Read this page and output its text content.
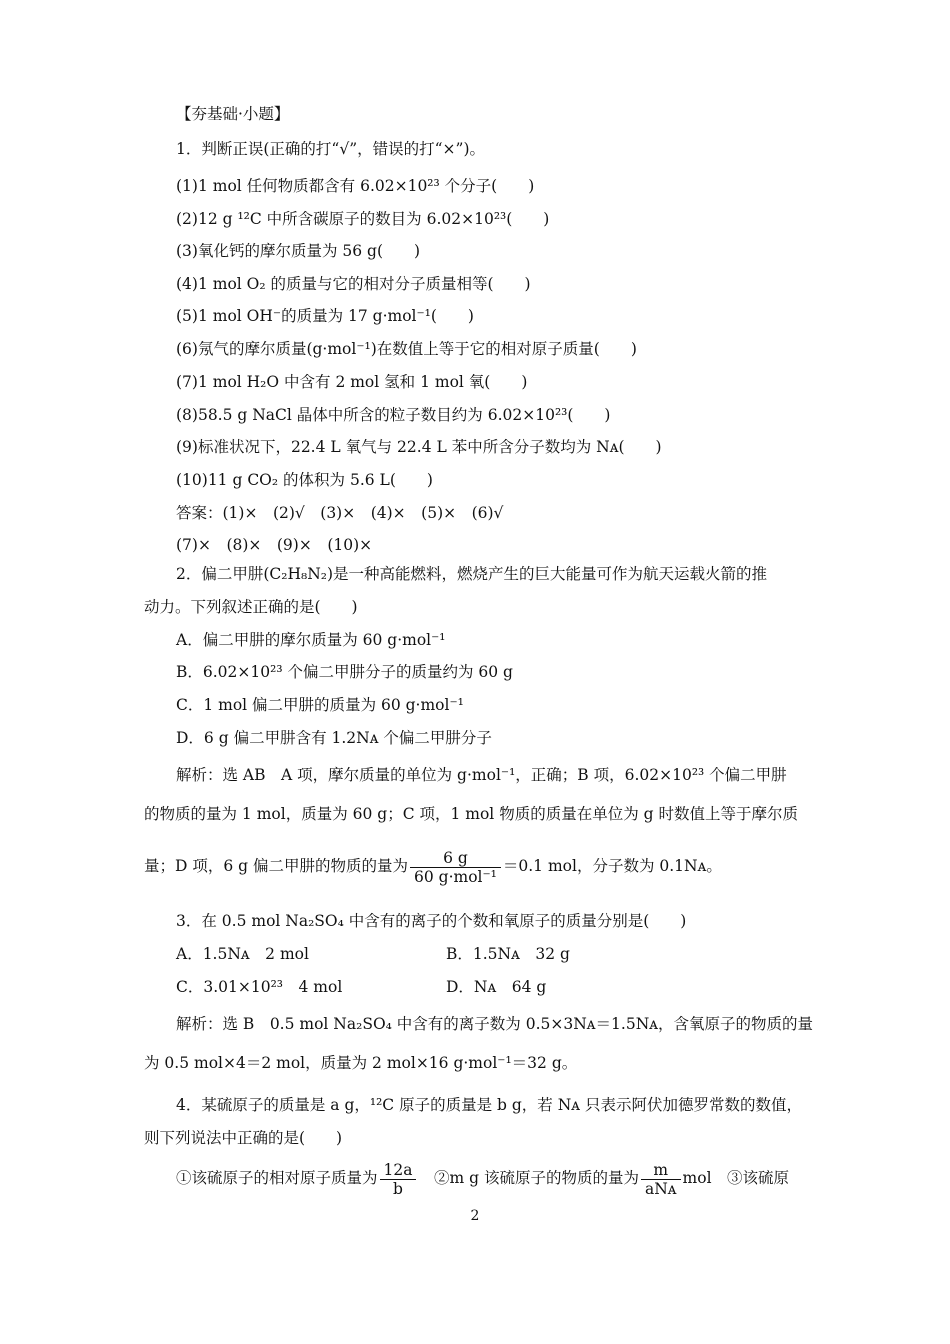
【夯基础·小题】
1．判断正误(正确的打“√”，错误的打“×”)。
(1)1 mol 任何物质都含有 6.02×10²³ 个分子(　　)
(2)12 g ¹²C 中所含碳原子的数目为 6.02×10²³(　　)
(3)氧化钙的摩尔质量为 56 g(　　)
(4)1 mol O₂ 的质量与它的相对分子质量相等(　　)
(5)1 mol OH⁻的质量为 17 g·mol⁻¹(　　)
(6)氖气的摩尔质量(g·mol⁻¹)在数值上等于它的相对原子质量(　　)
(7)1 mol H₂O 中含有 2 mol 氢和 1 mol 氧(　　)
(8)58.5 g NaCl 晶体中所含的粒子数目约为 6.02×10²³(　　)
(9)标准状况下，22.4 L 氧气与 22.4 L 苯中所含分子数均为 Nᴀ(　　)
(10)11 g CO₂ 的体积为 5.6 L(　　)
答案：(1)×　(2)√　(3)×　(4)×　(5)×　(6)√
(7)×　(8)×　(9)×　(10)×
2．偏二甲肼(C₂H₈N₂)是一种高能燃料，燃烧产生的巨大能量可作为航天运载火箭的推
动力。下列叙述正确的是(　　)
A．偏二甲肼的摩尔质量为 60 g·mol⁻¹
B．6.02×10²³ 个偏二甲肼分子的质量约为 60 g
C．1 mol 偏二甲肼的质量为 60 g·mol⁻¹
D．6 g 偏二甲肼含有 1.2Nᴀ 个偏二甲肼分子
解析：选 AB　A 项，摩尔质量的单位为 g·mol⁻¹，正确；B 项，6.02×10²³ 个偏二甲肼
的物质的量为 1 mol，质量为 60 g；C 项，1 mol 物质的质量在单位为 g 时数值上等于摩尔质
量；D 项，6 g 偏二甲肼的物质的量为 $\frac{6 g}{\text{60 g·mol⁻¹}} =0.1$ mol，分子数为 0.1Nᴀ。
3．在 0.5 mol Na₂SO₄ 中含有的离子的个数和氧原子的质量分别是(　　)
A．1.5Nᴀ　2 mol	B．1.5Nᴀ　32 g
C．3.01×10²³　4 mol	D．Nᴀ　64 g
解析：选 B　0.5 mol Na₂SO₄ 中含有的离子数为 0.5×3Nᴀ＝1.5Nᴀ，含氧原子的物质的量
为 0.5 mol×4＝2 mol，质量为 2 mol×16 g·mol⁻¹＝32 g。
4．某硫原子的质量是 a g，¹²C 原子的质量是 b g，若 Nᴀ 只表示阿伏加德罗常数的数值，
则下列说法中正确的是(　　)
①该硫原子的相对原子质量为 $\frac{12a}{b}$
　 ②m g 该硫原子的物质的量为 $\frac{m}{\text{aNᴀ}}$ mol　③该硫原
2
